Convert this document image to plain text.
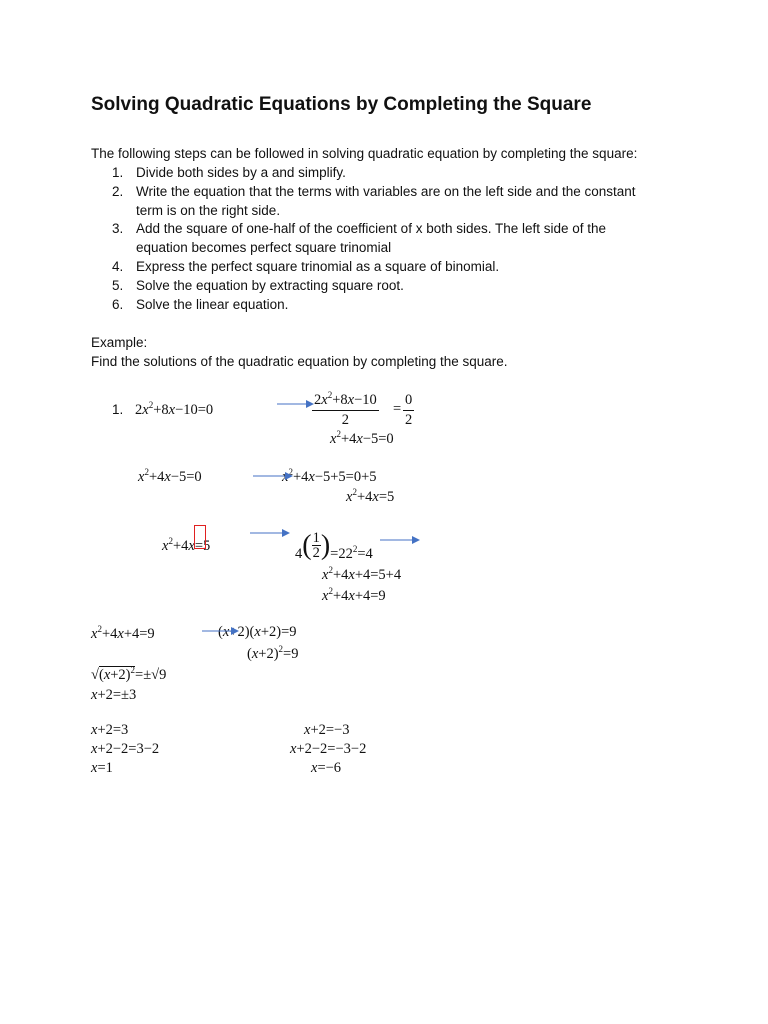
Solving Quadratic Equations by Completing the Square
The following steps can be followed in solving quadratic equation by completing the square:
1. Divide both sides by a and simplify.
2. Write the equation that the terms with variables are on the left side and the constant
term is on the right side.
3. Add the square of one-half of the coefficient of x both sides. The left side of the
equation becomes perfect square trinomial
4. Express the perfect square trinomial as a square of binomial.
5. Solve the equation by extracting square root.
6. Solve the linear equation.
Example:
Find the solutions of the quadratic equation by completing the square.
1. $2x^2+8x-10=0$	$\frac{2x^2+8x-10}{2} = \frac{0}{2}$
$x^2+4x-5=0$
$x^2+4x-5=0$	$x^2+4x-5+5=0+5$
$x^2+4x=5$
$x^2+4x=5$	$4( \frac{1}{2} )=22^2=4$
$x^2+4x+4=5+4$
$x^2+4x+4=9$
$x^2+4x+4=9$	(x+2)(x+2)=9
$(x+2)^2=9$
$√(x+2)^2=\pm√9$
x+2=±3
x+2=3
x+2−2=3−2
x=1
x+2=−3
x+2−2=−3−2
x=−6
